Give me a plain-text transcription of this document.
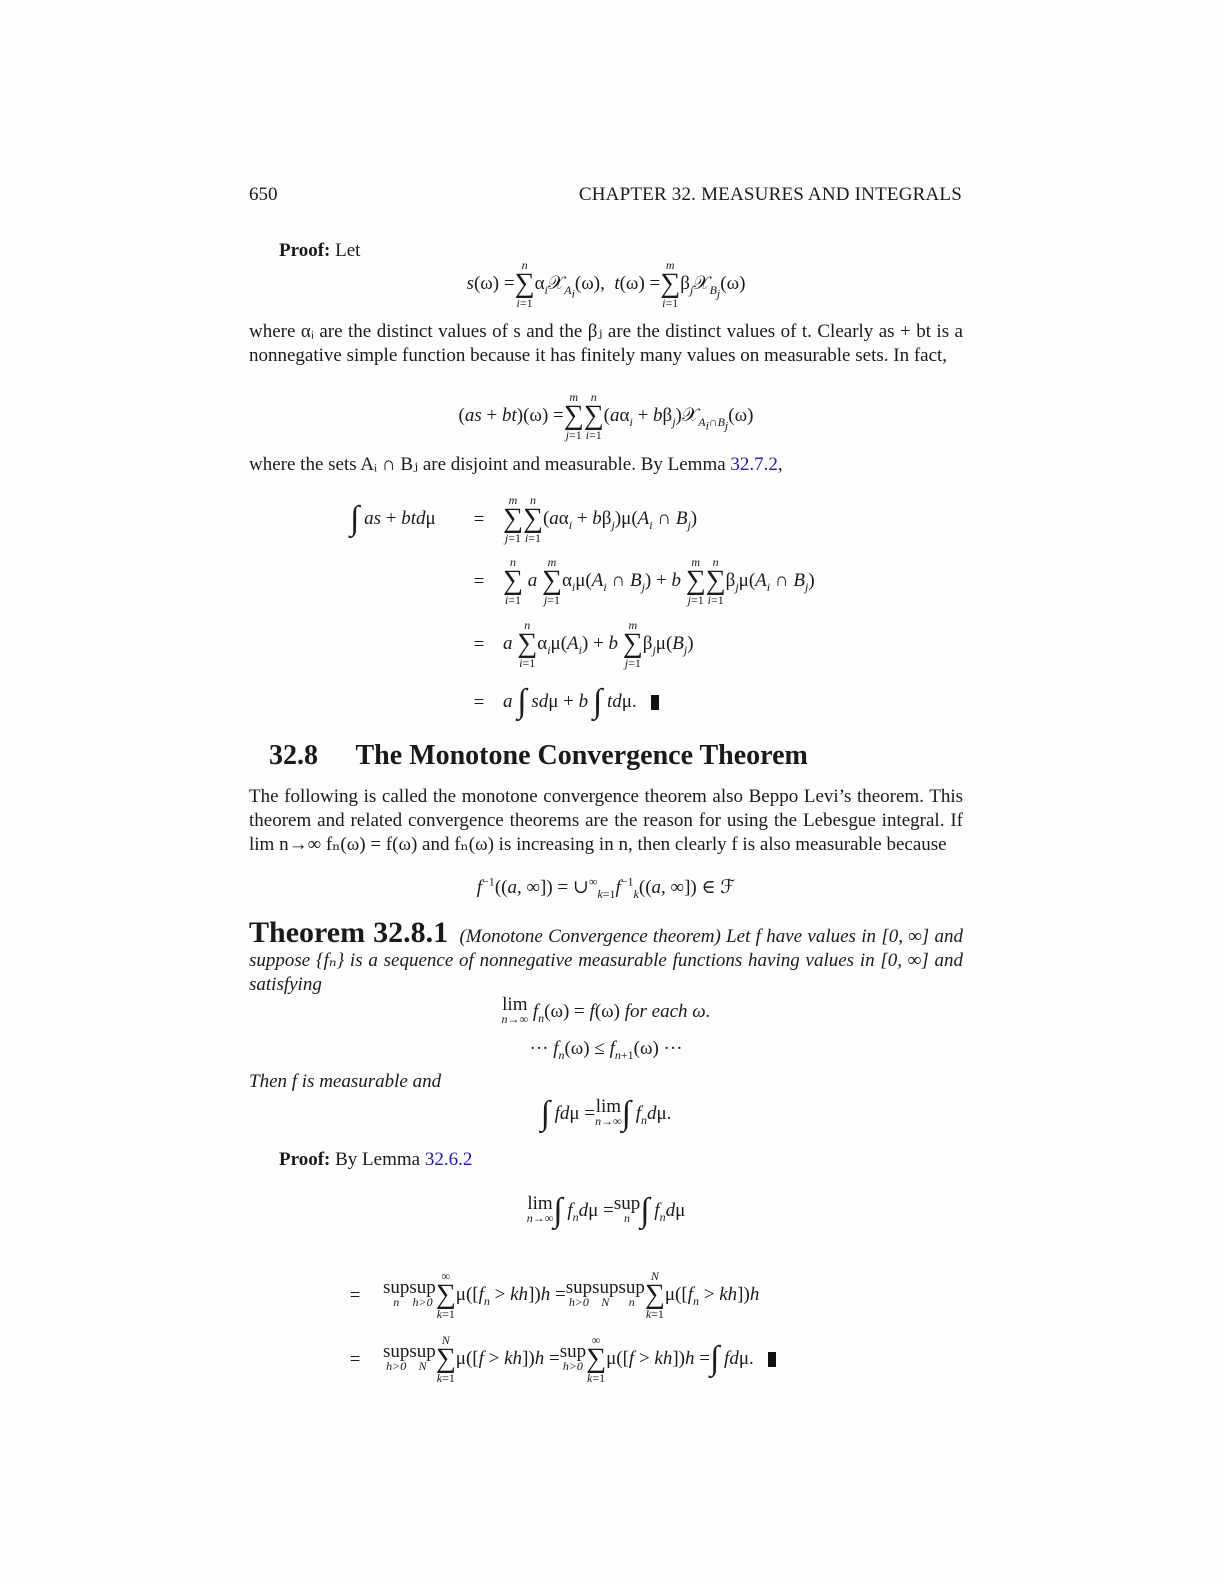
650	CHAPTER 32. MEASURES AND INTEGRALS
Proof: Let
s(ω) =
n
∑
i=1
$\alpha_i𝒳_{A_i}(\omega)$,  t(ω) =
m
∑
i=1
$\beta_j𝒳_{B_j}(\omega)$
where αᵢ are the distinct values of s and the βⱼ are the distinct values of t. Clearly as + bt is a nonnegative simple function because it has finitely many values on measurable sets. In fact,
(as + bt)(ω) =
m
∑
j=1
n
∑
i=1
($a\alpha_i$ + $b\beta_j)𝒳_{A_i\cap B_j}(\omega)$
where the sets Aᵢ ∩ Bⱼ are disjoint and measurable. By Lemma 32.7.2,
∫ as + btdμ =
m
∑
j=1
n
∑
i=1
$(a\alpha_i + b\beta_j)\mu(A_i$ ∩ $B_j$)
=
n
∑
i=1
a
m
∑
j=1
$\alpha_i\mu(A_i$ ∩ $B_j) + b$
m
∑
j=1
n
∑
i=1
$\beta_j\mu(A_i$ ∩ $B_j$)
= a
n
∑
i=1
$\alpha_i\mu(A_i) + b$
m
∑
j=1
$\beta_j\mu(B_j)$
= a ∫ sdμ + b ∫ tdμ.
32.8 The Monotone Convergence Theorem
The following is called the monotone convergence theorem also Beppo Levi’s theorem. This theorem and related convergence theorems are the reason for using the Lebesgue integral. If lim n→∞ fₙ(ω) = f(ω) and fₙ(ω) is increasing in n, then clearly f is also measurable because
$f^{-1}((a$, ∞]) = $\cup^\infty_{k=1}f^{-1}_k((a$, ∞]) ∈ ℱ
Theorem 32.8.1 (Monotone Convergence theorem) Let f have values in [0, ∞] and suppose {fₙ} is a sequence of nonnegative measurable functions having values in [0, ∞] and satisfying
lim
n→∞ $f_n(\omega) = f(\omega)$ for each ω.
··· $f_n(\omega) \le f_{n+1}(\omega)$ ···
Then f is measurable and
∫ fdμ = lim
n→∞ ∫ $f_nd\mu$.
Proof: By Lemma 32.6.2
lim
n→∞ ∫ $f_nd\mu$ = sup
n ∫ $f_nd\mu$
= sup
n
sup
h>0
∞
∑
k=1
$\mu([f_n > kh])h$ = sup
h>0
sup
N
sup
n
N
∑
k=1
$\mu([f_n > kh])h$
= sup
h>0
sup
N
N
∑
k=1
μ([f > kh])h = sup
h>0
∞
∑
k=1
μ([f > kh])h = ∫ fdμ.
